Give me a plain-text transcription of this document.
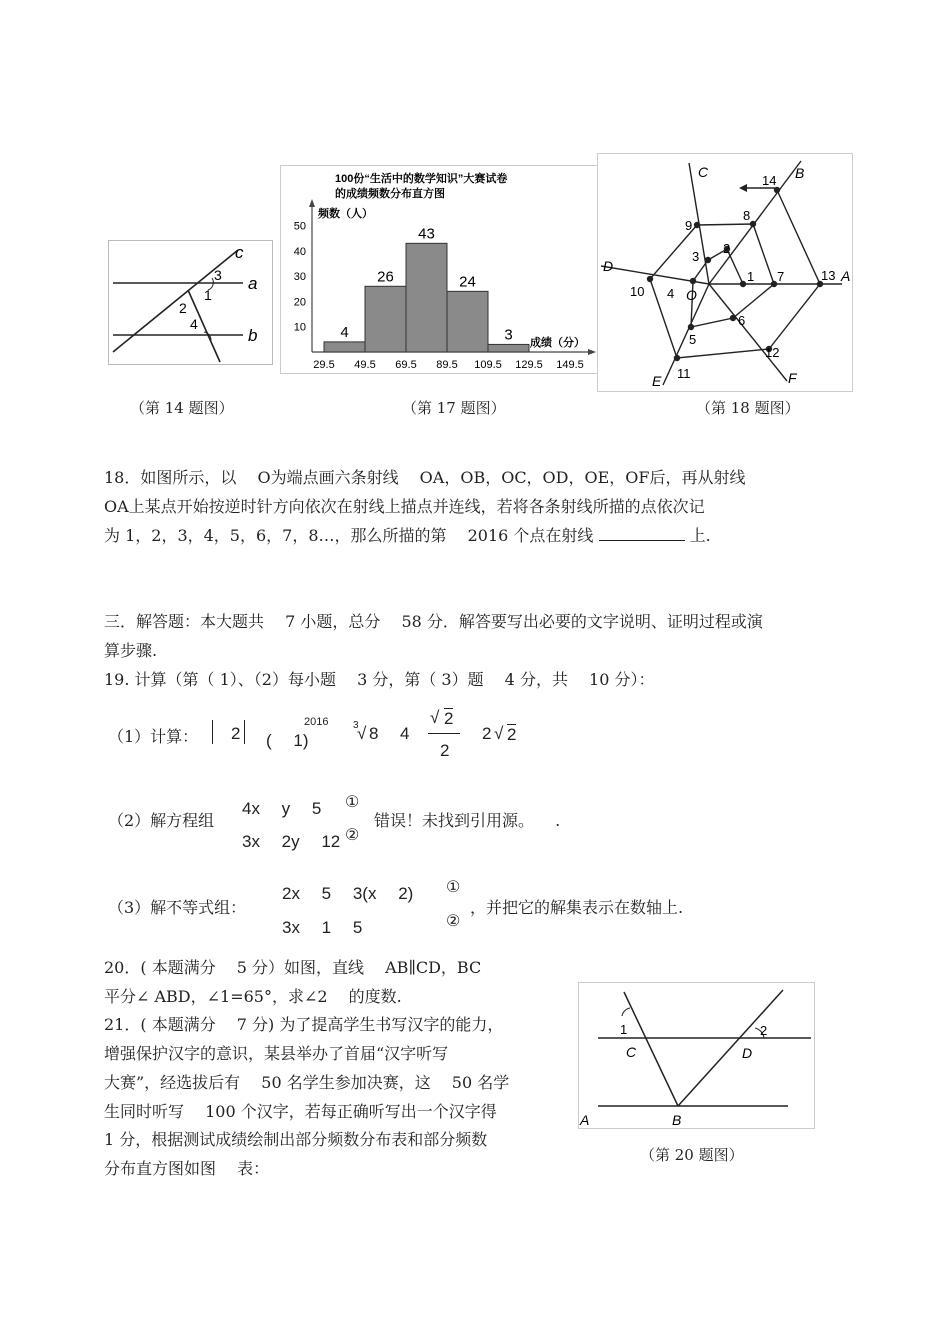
c
a
b
3
1
2
4
（第 14 题图）
100份“生活中的数学知识”大赛试卷
的成绩频数分布直方图
频数（人）
成绩（分）
4
26
43
24
3
10
20
30
40
50
29.5 49.5 69.5 89.5 109.5 129.5 149.5
（第 17 题图）
A
B
C
D
E	F
O
1
2
3
4
5
6
7
8
9
10
11
12
13
14
（第 18 题图）
18．如图所示，以 　O为端点画六条射线 　OA，OB，OC，OD，OE，OF后，再从射线
OA上某点开始按逆时针方向依次在射线上描点并连线，若将各条射线所描的点依次记
为 1，2，3，4，5，6，7，8…，那么所描的第 　2016 个点在射线	上.
三．解答题：本大题共 　7 小题，总分 　58 分．解答要写出必要的文字说明、证明过程或演
算步骤.
19. 计算（第（ 1）、（2）每小题 　3 分，第（ 3）题 　4 分，共 　10 分）：
（1）计算： 2 ( 　1)
2016 3
√ 8 4
√ 2
2
2 √ 2
（2）解方程组
4x 　y 　5
3x 　2y 　12
①
②
错误！未找到引用源。 　.
（3）解不等式组：
2x 　5 　3(x 　2)
3x 　1 　5
①
②
，并把它的解集表示在数轴上.
20．( 本题满分 　5 分）如图，直线 　AB∥CD，BC
平分∠ ABD，∠1=65°，求∠2 　的度数.
21．( 本题满分 　7 分) 为了提高学生书写汉字的能力，
增强保护汉字的意识，某县举办了首届“汉字听写
大赛”，经选拔后有 　50 名学生参加决赛，这 　50 名学
生同时听写 　100 个汉字，若每正确听写出一个汉字得
1 分，根据测试成绩绘制出部分频数分布表和部分频数
分布直方图如图 　表：
A	B
C	D
1	2
（第 20 题图）
